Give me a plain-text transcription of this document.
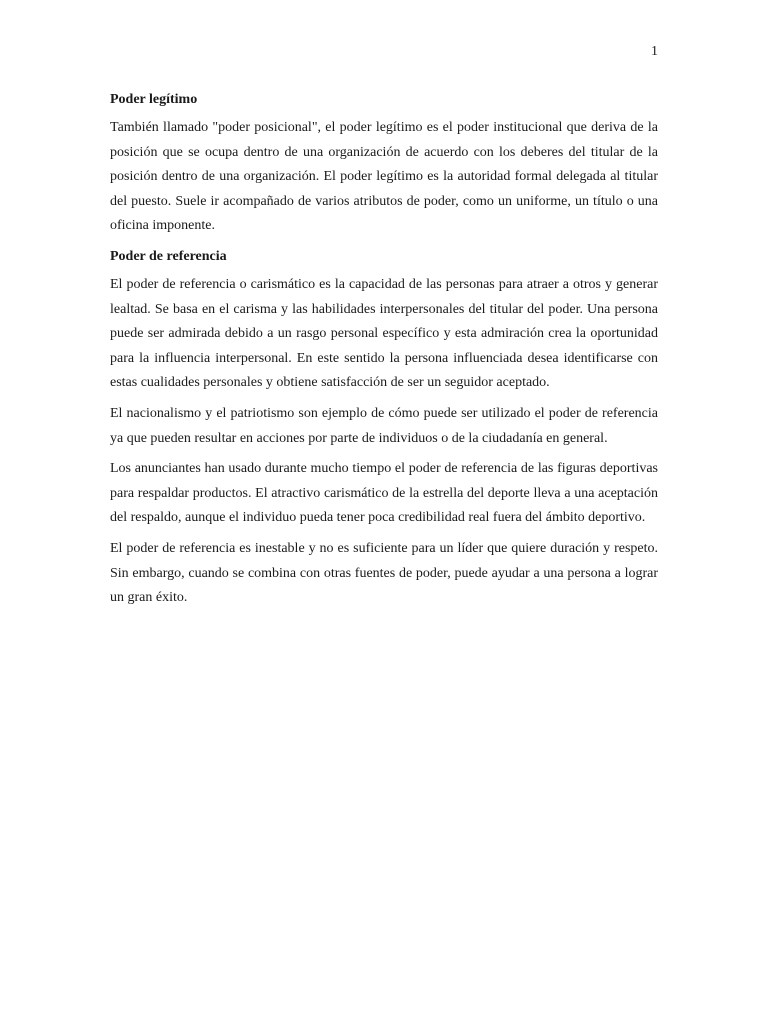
1
Poder legítimo

También llamado "poder posicional", el poder legítimo es el poder institucional que deriva de la posición que se ocupa dentro de una organización de acuerdo con los deberes del titular de la posición dentro de una organización. El poder legítimo es la autoridad formal delegada al titular del puesto. Suele ir acompañado de varios atributos de poder, como un uniforme, un título o una oficina imponente.

Poder de referencia

El poder de referencia o carismático es la capacidad de las personas para atraer a otros y generar lealtad. Se basa en el carisma y las habilidades interpersonales del titular del poder. Una persona puede ser admirada debido a un rasgo personal específico y esta admiración crea la oportunidad para la influencia interpersonal. En este sentido la persona influenciada desea identificarse con estas cualidades personales y obtiene satisfacción de ser un seguidor aceptado.

El nacionalismo y el patriotismo son ejemplo de cómo puede ser utilizado el poder de referencia ya que pueden resultar en acciones por parte de individuos o de la ciudadanía en general.

Los anunciantes han usado durante mucho tiempo el poder de referencia de las figuras deportivas para respaldar productos. El atractivo carismático de la estrella del deporte lleva a una aceptación del respaldo, aunque el individuo pueda tener poca credibilidad real fuera del ámbito deportivo.

El poder de referencia es inestable y no es suficiente para un líder que quiere duración y respeto. Sin embargo, cuando se combina con otras fuentes de poder, puede ayudar a una persona a lograr un gran éxito.
